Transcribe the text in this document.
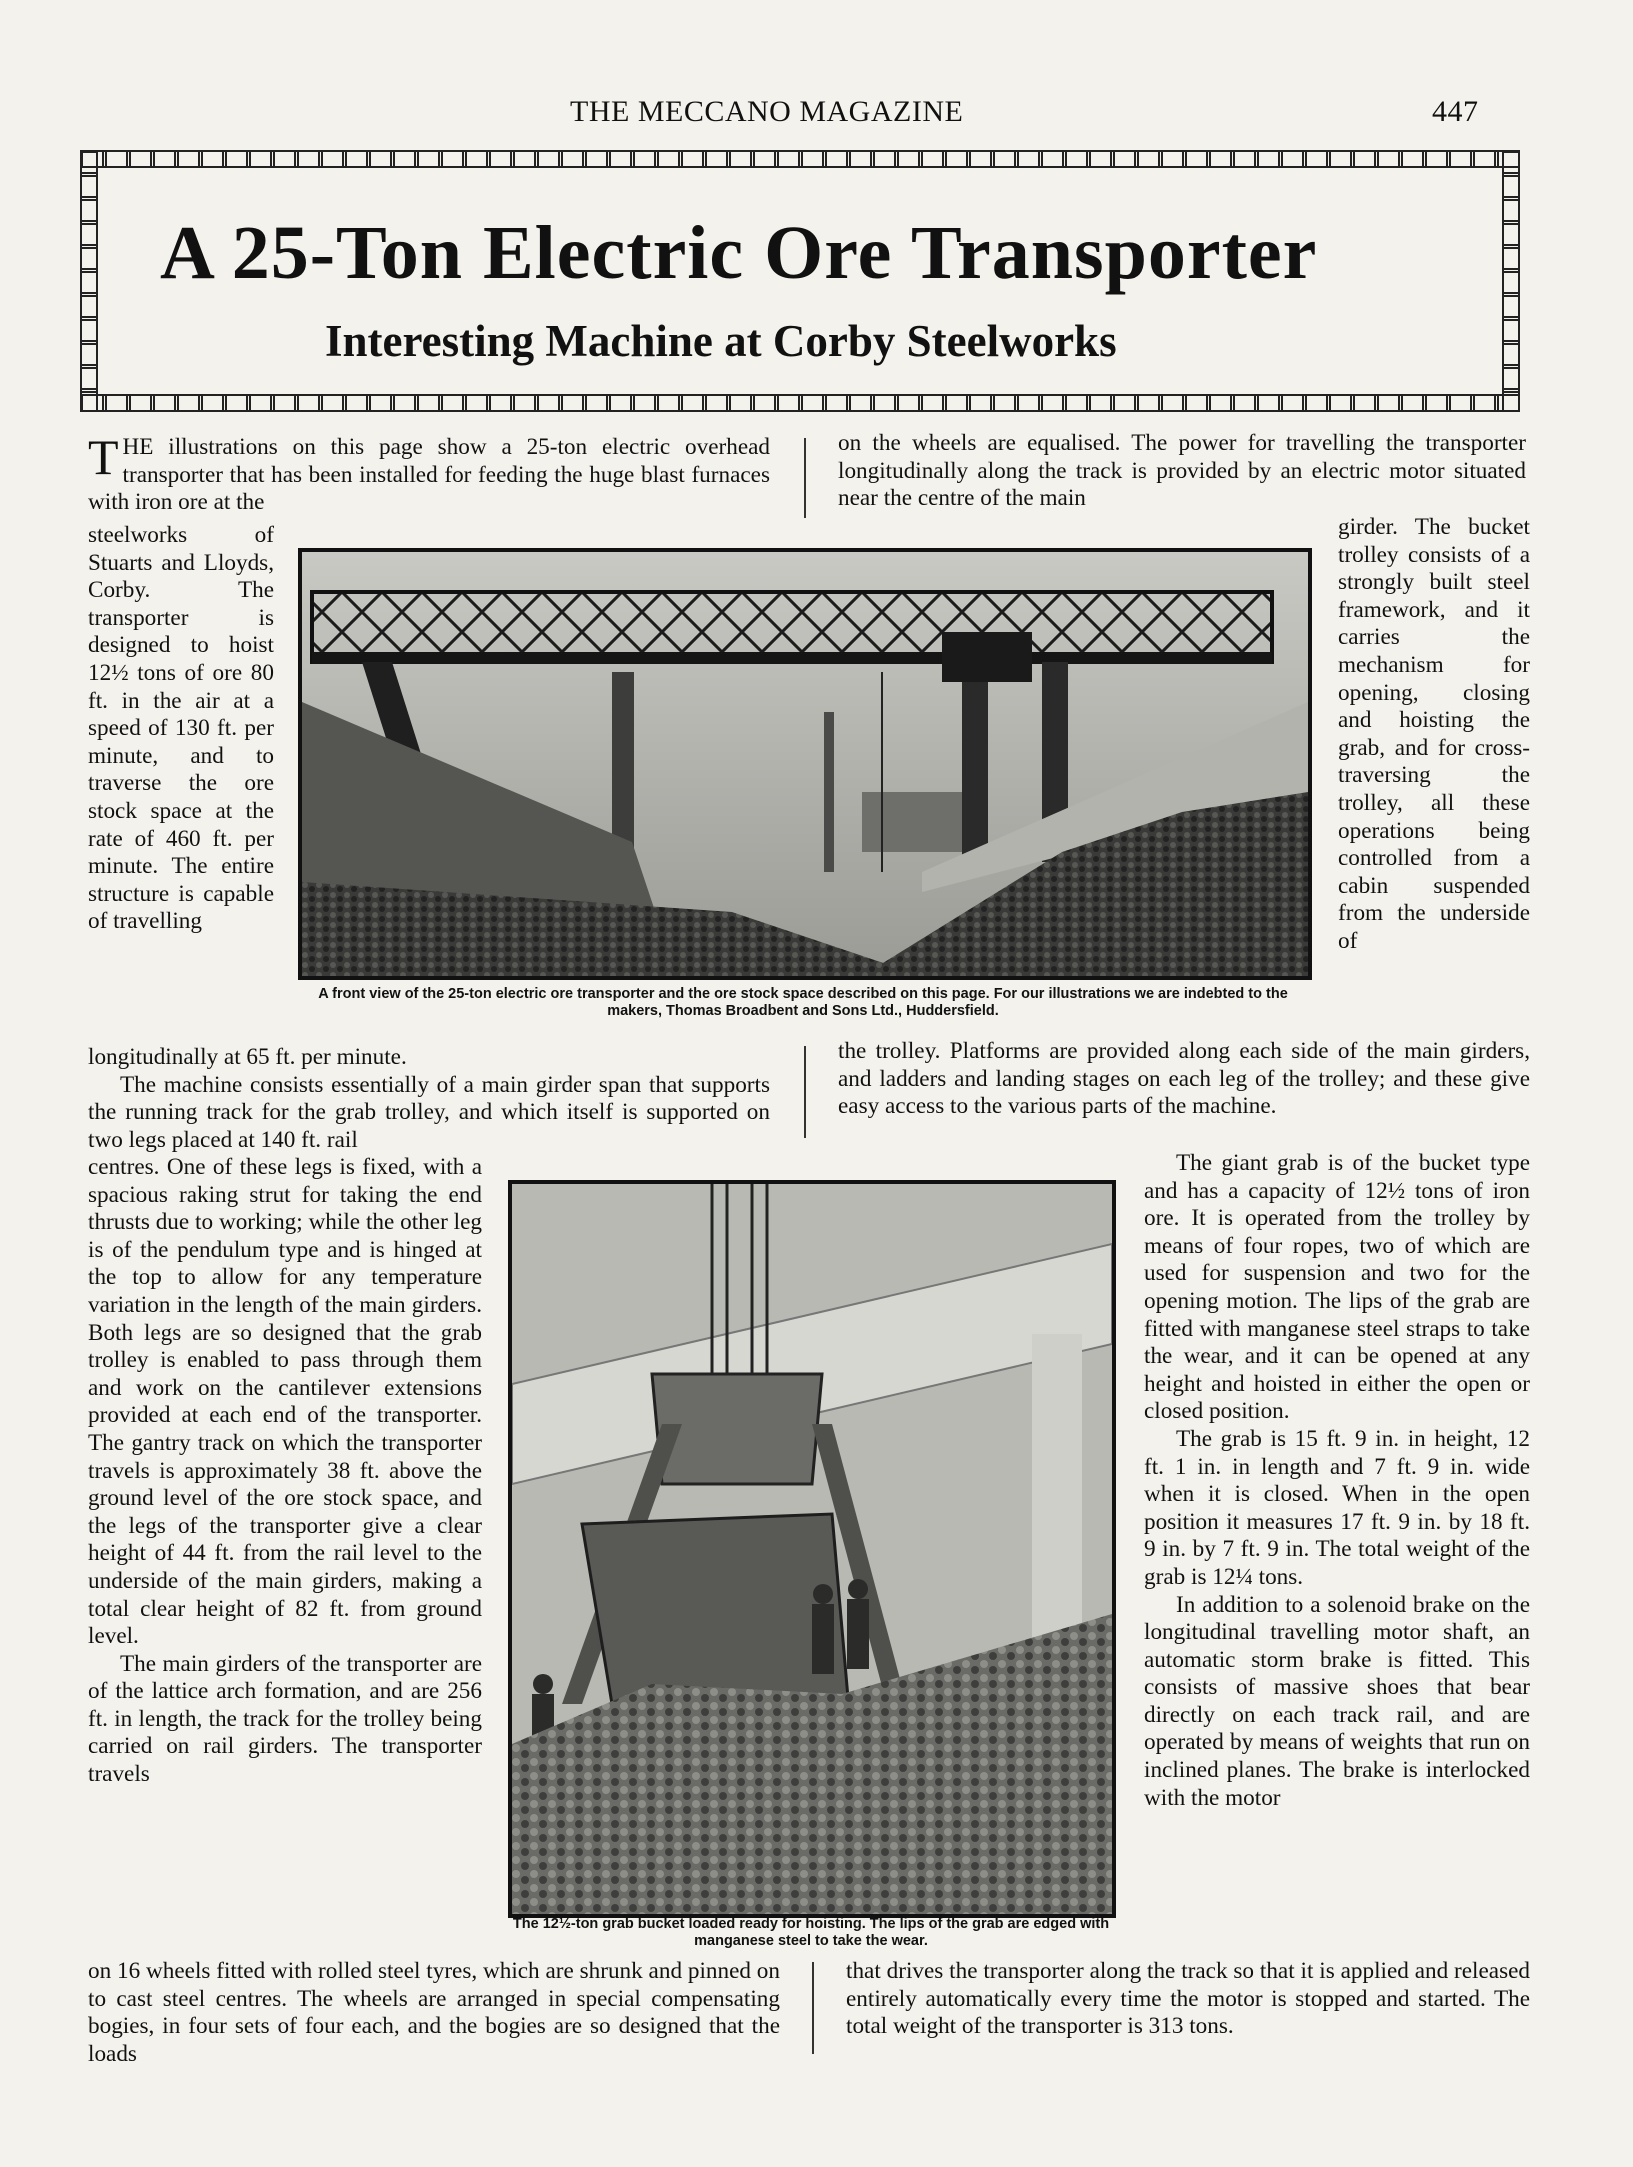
THE MECCANO MAGAZINE	447
A 25-Ton Electric Ore Transporter
Interesting Machine at Corby Steelworks
THE illustrations on this page show a 25-ton electric overhead transporter that has been installed for feeding the huge blast furnaces with iron ore at the
on the wheels are equalised. The power for travelling the transporter longitudinally along the track is provided by an electric motor situated near the centre of the main
steelworks of Stuarts and Lloyds, Corby. The transporter is designed to hoist 12½ tons of ore 80 ft. in the air at a speed of 130 ft. per minute, and to traverse the ore stock space at the rate of 460 ft. per minute. The entire structure is capable of travelling
A front view of the 25-ton electric ore transporter and the ore stock space described on this page. For our illustrations we are indebted to the makers, Thomas Broadbent and Sons Ltd., Huddersfield.
girder. The bucket trolley consists of a strongly built steel framework, and it carries the mechanism for opening, closing and hoisting the grab, and for cross-traversing the trolley, all these operations being controlled from a cabin suspended from the underside of

longitudinally at 65 ft. per minute.

The machine consists essentially of a main girder span that supports the running track for the grab trolley, and which itself is supported on two legs placed at 140 ft. rail

the trolley. Platforms are provided along each side of the main girders, and ladders and landing stages on each leg of the trolley; and these give easy access to the various parts of the machine.

centres. One of these legs is fixed, with a spacious raking strut for taking the end thrusts due to working; while the other leg is of the pendulum type and is hinged at the top to allow for any temperature variation in the length of the main girders. Both legs are so designed that the grab trolley is enabled to pass through them and work on the cantilever extensions provided at each end of the transporter. The gantry track on which the transporter travels is approximately 38 ft. above the ground level of the ore stock space, and the legs of the transporter give a clear height of 44 ft. from the rail level to the underside of the main girders, making a total clear height of 82 ft. from ground level.

The main girders of the transporter are of the lattice arch formation, and are 256 ft. in length, the track for the trolley being carried on rail girders. The transporter travels

The 12½-ton grab bucket loaded ready for hoisting. The lips of the grab are edged with manganese steel to take the wear.

The giant grab is of the bucket type and has a capacity of 12½ tons of iron ore. It is operated from the trolley by means of four ropes, two of which are used for suspension and two for the opening motion. The lips of the grab are fitted with manganese steel straps to take the wear, and it can be opened at any height and hoisted in either the open or closed position.

The grab is 15 ft. 9 in. in height, 12 ft. 1 in. in length and 7 ft. 9 in. wide when it is closed. When in the open position it measures 17 ft. 9 in. by 18 ft. 9 in. by 7 ft. 9 in. The total weight of the grab is 12¼ tons.

In addition to a solenoid brake on the longitudinal travelling motor shaft, an automatic storm brake is fitted. This consists of massive shoes that bear directly on each track rail, and are operated by means of weights that run on inclined planes. The brake is interlocked with the motor

on 16 wheels fitted with rolled steel tyres, which are shrunk and pinned on to cast steel centres. The wheels are arranged in special compensating bogies, in four sets of four each, and the bogies are so designed that the loads
that drives the transporter along the track so that it is applied and released entirely automatically every time the motor is stopped and started. The total weight of the transporter is 313 tons.
